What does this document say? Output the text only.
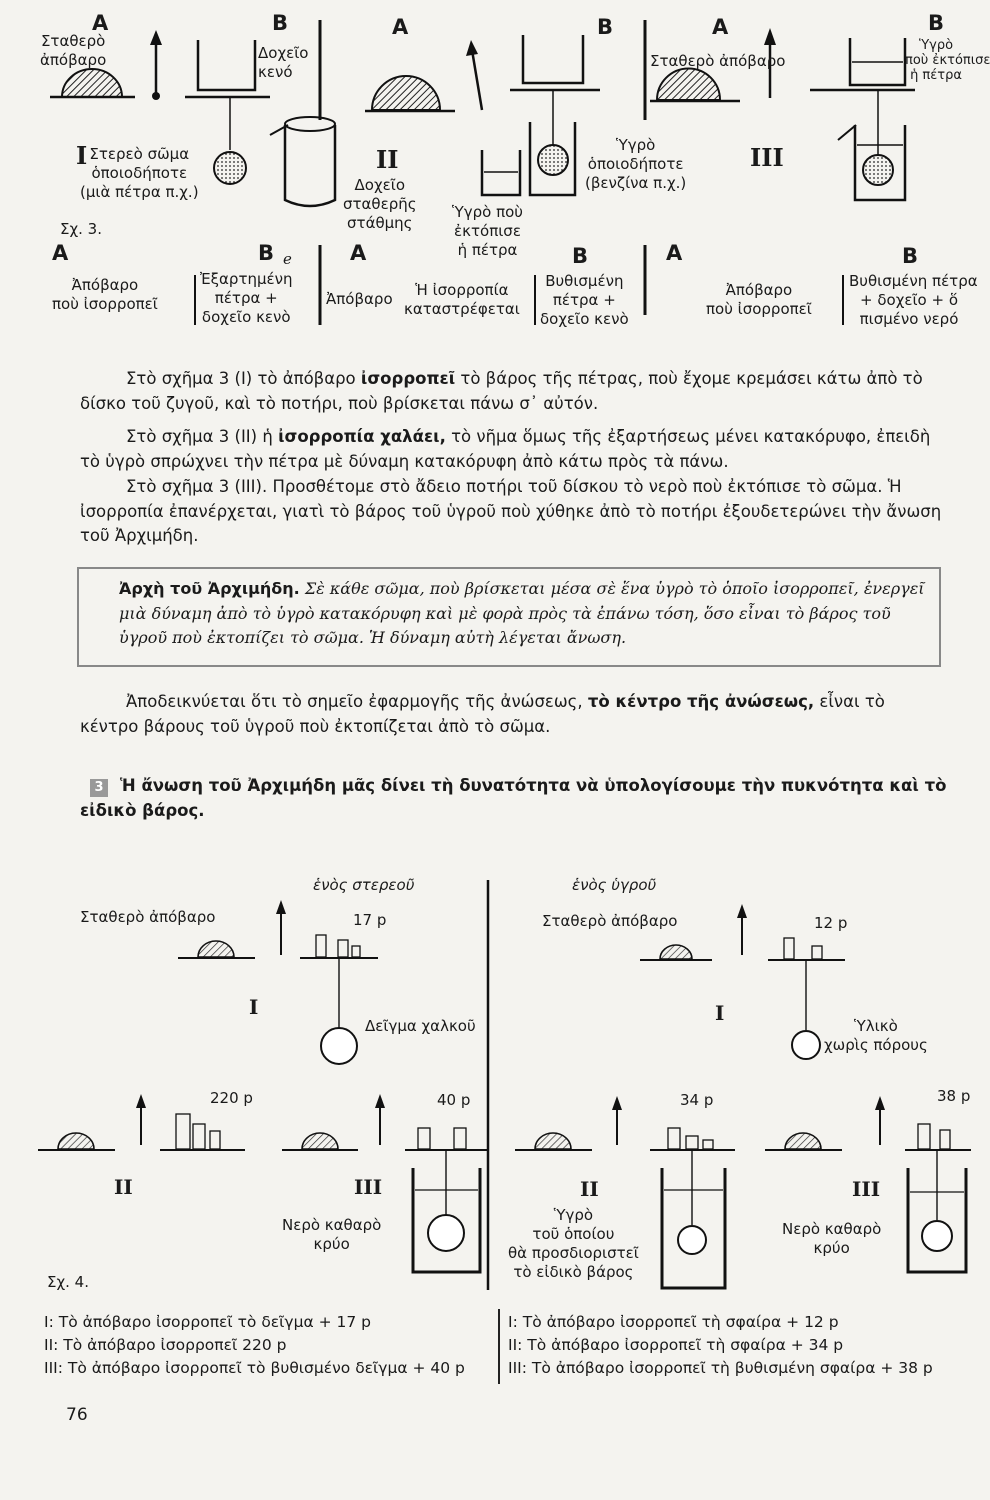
A	B	A	B	A	B
Σταθερὸ
ἀπόβαρο	Δοχεῖο
κενό
I Στερεὸ σῶμα
ὁποιοδήποτε
(μιὰ πέτρα π.χ.)
II
Δοχεῖο
σταθερῆς
στάθμης
Ὑγρὸ
ὁποιοδήποτε
(βενζίνα π.χ.)
Ὑγρὸ ποὺ
ἐκτόπισε
ἡ πέτρα
III
Σταθερὸ ἀπόβαρο
Ὑγρὸ
ποὺ ἐκτόπισε
ἡ πέτρα
Σχ. 3.
A	B e	A	B	A	B
Ἀπόβαρο
ποὺ ἰσορροπεῖ
Ἐξαρτημένη
πέτρα +
δοχεῖο κενὸ
Ἀπόβαρο	Ἡ ἰσορροπία
καταστρέφεται
Βυθισμένη
πέτρα +
δοχεῖο κενὸ
Ἀπόβαρο
ποὺ ἰσορροπεῖ
Βυθισμένη πέτρα
+ δοχεῖο + ὅ
πισμένο νερό
Στὸ σχῆμα 3 (I) τὸ ἀπόβαρο ἰσορροπεῖ τὸ βάρος τῆς πέτρας, ποὺ ἔχομε κρεμάσει κάτω ἀπὸ τὸ δίσκο τοῦ ζυγοῦ, καὶ τὸ ποτήρι, ποὺ βρίσκεται πάνω σ᾿ αὐτόν.
Στὸ σχῆμα 3 (II) ἡ ἰσορροπία χαλάει, τὸ νῆμα ὅμως τῆς ἐξαρτήσεως μένει κατακόρυφο, ἐπειδὴ τὸ ὑγρὸ σπρώχνει τὴν πέτρα μὲ δύναμη κατακόρυφη ἀπὸ κάτω πρὸς τὰ πάνω.
Στὸ σχῆμα 3 (III). Προσθέτομε στὸ ἄδειο ποτήρι τοῦ δίσκου τὸ νερὸ ποὺ ἐκτόπισε τὸ σῶμα. Ἡ ἰσορροπία ἐπανέρχεται, γιατὶ τὸ βάρος τοῦ ὑγροῦ ποὺ χύθηκε ἀπὸ τὸ ποτήρι ἐξουδετερώνει τὴν ἄνωση τοῦ Ἀρχιμήδη.
Ἀρχὴ τοῦ Ἀρχιμήδη. Σὲ κάθε σῶμα, ποὺ βρίσκεται μέσα σὲ ἕνα ὑγρὸ τὸ ὁποῖο ἰσορροπεῖ, ἐνεργεῖ μιὰ δύναμη ἀπὸ τὸ ὑγρὸ κατακόρυφη καὶ μὲ φορὰ πρὸς τὰ ἐπάνω τόση, ὅσο εἶναι τὸ βάρος τοῦ ὑγροῦ ποὺ ἐκτοπίζει τὸ σῶμα. Ἡ δύναμη αὐτὴ λέγεται ἄνωση.
Ἀποδεικνύεται ὅτι τὸ σημεῖο ἐφαρμογῆς τῆς ἀνώσεως, τὸ κέντρο τῆς ἀνώσεως, εἶναι τὸ κέντρο βάρους τοῦ ὑγροῦ ποὺ ἐκτοπίζεται ἀπὸ τὸ σῶμα.
3 Ἡ ἄνωση τοῦ Ἀρχιμήδη μᾶς δίνει τὴ δυνατότητα νὰ ὑπολογίσουμε τὴν πυκνότητα καὶ τὸ εἰδικὸ βάρος.
ἑνὸς στερεοῦ	ἑνὸς ὑγροῦ
Σταθερὸ ἀπόβαρο	Σταθερὸ ἀπόβαρο
17 p	12 p
I	I
Δεῖγμα χαλκοῦ	Ὑλικὸ
χωρὶς πόρους
220 p	40 p	34 p	38 p
II	III	II	III
Νερὸ καθαρὸ
κρύο
Ὑγρὸ
τοῦ ὁποίου
θὰ προσδιοριστεῖ
τὸ εἰδικὸ βάρος
Νερὸ καθαρὸ
κρύο
Σχ. 4.
I: Τὸ ἀπόβαρο ἰσορροπεῖ τὸ δεῖγμα + 17 p
II: Τὸ ἀπόβαρο ἰσορροπεῖ 220 p
III: Τὸ ἀπόβαρο ἰσορροπεῖ τὸ βυθισμένο δεῖγμα + 40 p
I: Τὸ ἀπόβαρο ἰσορροπεῖ τὴ σφαίρα + 12 p
II: Τὸ ἀπόβαρο ἰσορροπεῖ τὴ σφαίρα + 34 p
III: Τὸ ἀπόβαρο ἰσορροπεῖ τὴ βυθισμένη σφαίρα + 38 p
76
